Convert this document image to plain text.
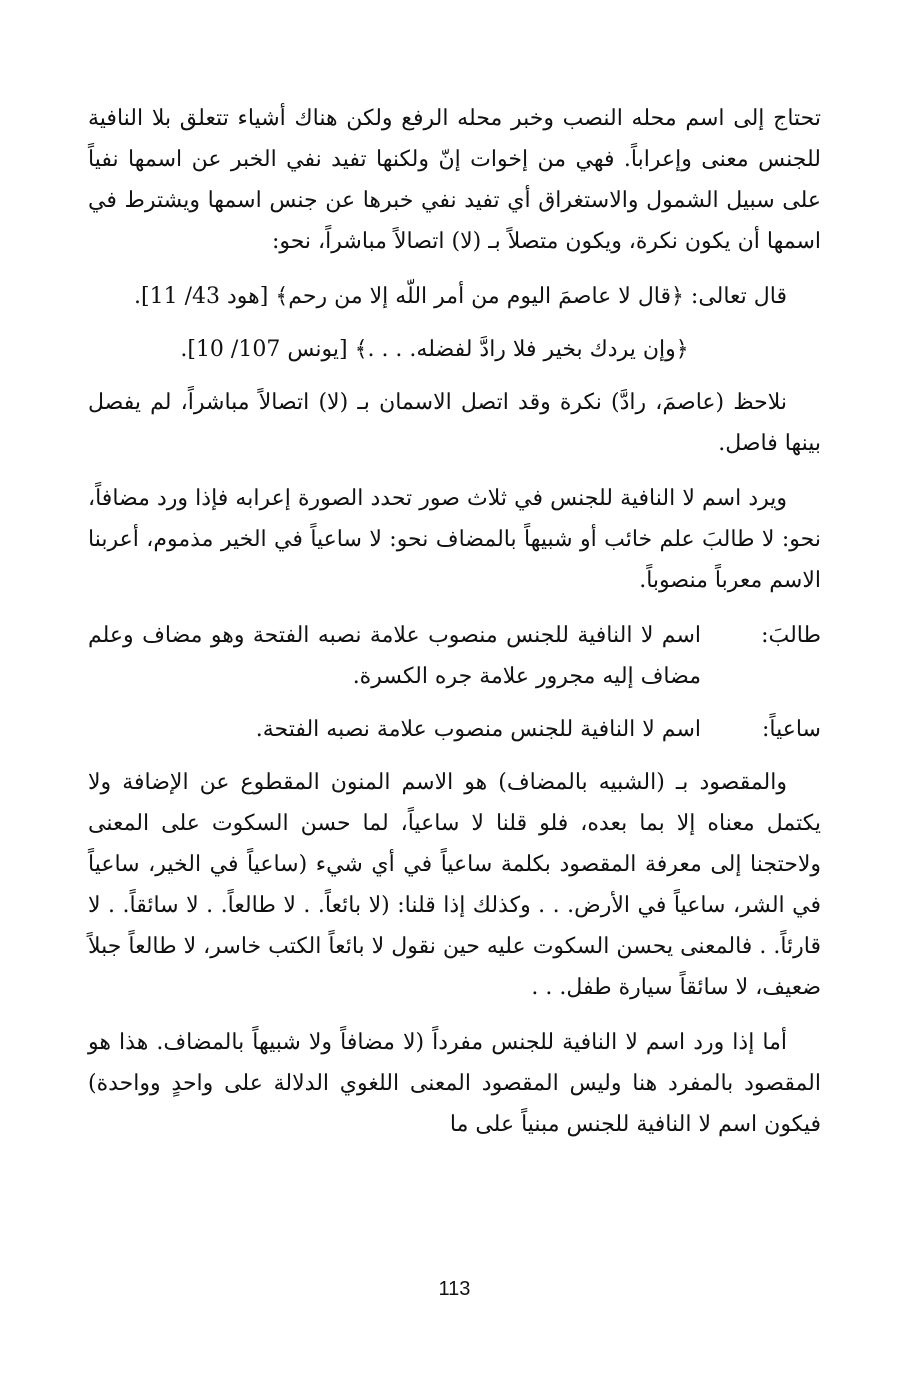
تحتاج إلى اسم محله النصب وخبر محله الرفع ولكن هناك أشياء تتعلق بلا النافية للجنس معنى وإعراباً. فهي من إخوات إنّ ولكنها تفيد نفي الخبر عن اسمها نفياً على سبيل الشمول والاستغراق أي تفيد نفي خبرها عن جنس اسمها ويشترط في اسمها أن يكون نكرة، ويكون متصلاً بـ (لا) اتصالاً مباشراً، نحو:

قال تعالى: ﴿قال لا عاصمَ اليوم من أمر اللّه إلا من رحم﴾ [هود 43/ 11].

﴿وإن يردك بخير فلا رادَّ لفضله. . . .﴾ [يونس 107/ 10].

نلاحظ (عاصمَ، رادَّ) نكرة وقد اتصل الاسمان بـ (لا) اتصالاً مباشراً، لم يفصل بينها فاصل.

ويرد اسم لا النافية للجنس في ثلاث صور تحدد الصورة إعرابه فإذا ورد مضافاً، نحو: لا طالبَ علم خائب أو شبيهاً بالمضاف نحو: لا ساعياً في الخير مذموم، أعربنا الاسم معرباً منصوباً.

طالبَ:
اسم لا النافية للجنس منصوب علامة نصبه الفتحة وهو مضاف وعلم مضاف إليه مجرور علامة جره الكسرة.
ساعياً:
اسم لا النافية للجنس منصوب علامة نصبه الفتحة.

والمقصود بـ (الشبيه بالمضاف) هو الاسم المنون المقطوع عن الإضافة ولا يكتمل معناه إلا بما بعده، فلو قلنا لا ساعياً، لما حسن السكوت على المعنى ولاحتجنا إلى معرفة المقصود بكلمة ساعياً في أي شيء (ساعياً في الخير، ساعياً في الشر، ساعياً في الأرض. . . وكذلك إذا قلنا: (لا بائعاً. . لا طالعاً. . لا سائقاً. . لا قارئاً. . فالمعنى يحسن السكوت عليه حين نقول لا بائعاً الكتب خاسر، لا طالعاً جبلاً ضعيف، لا سائقاً سيارة طفل. . .

أما إذا ورد اسم لا النافية للجنس مفرداً (لا مضافاً ولا شبيهاً بالمضاف. هذا هو المقصود بالمفرد هنا وليس المقصود المعنى اللغوي الدلالة على واحدٍ وواحدة) فيكون اسم لا النافية للجنس مبنياً على ما

113
